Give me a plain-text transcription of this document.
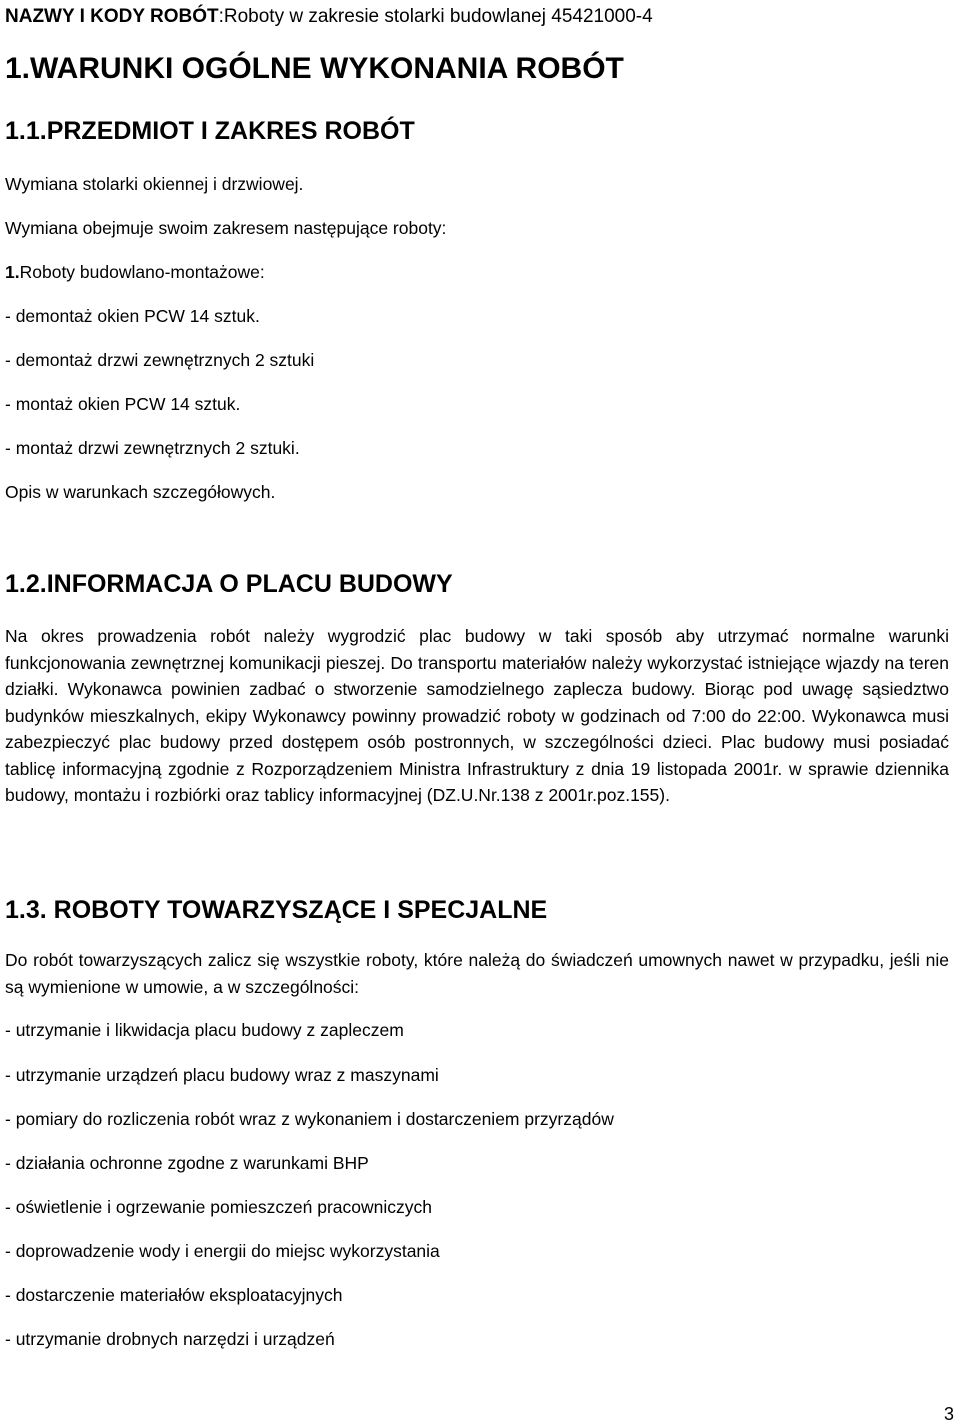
NAZWY I KODY ROBÓT:Roboty w zakresie stolarki budowlanej 45421000-4

1.WARUNKI OGÓLNE WYKONANIA ROBÓT

1.1.PRZEDMIOT I ZAKRES ROBÓT

Wymiana stolarki okiennej i drzwiowej.

Wymiana obejmuje swoim zakresem następujące roboty:

1.Roboty budowlano-montażowe:

- demontaż okien PCW 14 sztuk.

- demontaż drzwi zewnętrznych 2 sztuki

- montaż okien PCW 14 sztuk.

- montaż drzwi zewnętrznych 2 sztuki.

Opis w warunkach szczegółowych.

1.2.INFORMACJA O PLACU BUDOWY

Na okres prowadzenia robót należy wygrodzić plac budowy w taki sposób aby utrzymać normalne warunki funkcjonowania zewnętrznej komunikacji pieszej. Do transportu materiałów należy wykorzystać istniejące wjazdy na teren działki. Wykonawca powinien zadbać o stworzenie samodzielnego zaplecza budowy. Biorąc pod uwagę sąsiedztwo budynków mieszkalnych, ekipy Wykonawcy powinny prowadzić roboty w godzinach od 7:00 do 22:00. Wykonawca musi zabezpieczyć plac budowy przed dostępem osób postronnych, w szczególności dzieci. Plac budowy musi posiadać tablicę informacyjną zgodnie z Rozporządzeniem Ministra Infrastruktury z dnia 19 listopada 2001r. w sprawie dziennika budowy, montażu i rozbiórki oraz tablicy informacyjnej (DZ.U.Nr.138 z 2001r.poz.155).

1.3. ROBOTY TOWARZYSZĄCE I SPECJALNE

Do robót towarzyszących zalicz się wszystkie roboty, które należą do świadczeń umownych nawet w przypadku, jeśli nie są wymienione w umowie, a w szczególności:

- utrzymanie i likwidacja placu budowy z zapleczem

- utrzymanie urządzeń placu budowy wraz z maszynami

- pomiary do rozliczenia robót wraz z wykonaniem i dostarczeniem przyrządów

- działania ochronne zgodne z warunkami BHP

- oświetlenie i ogrzewanie pomieszczeń pracowniczych

- doprowadzenie wody i energii do miejsc wykorzystania

- dostarczenie materiałów eksploatacyjnych

- utrzymanie drobnych narzędzi i urządzeń

3
